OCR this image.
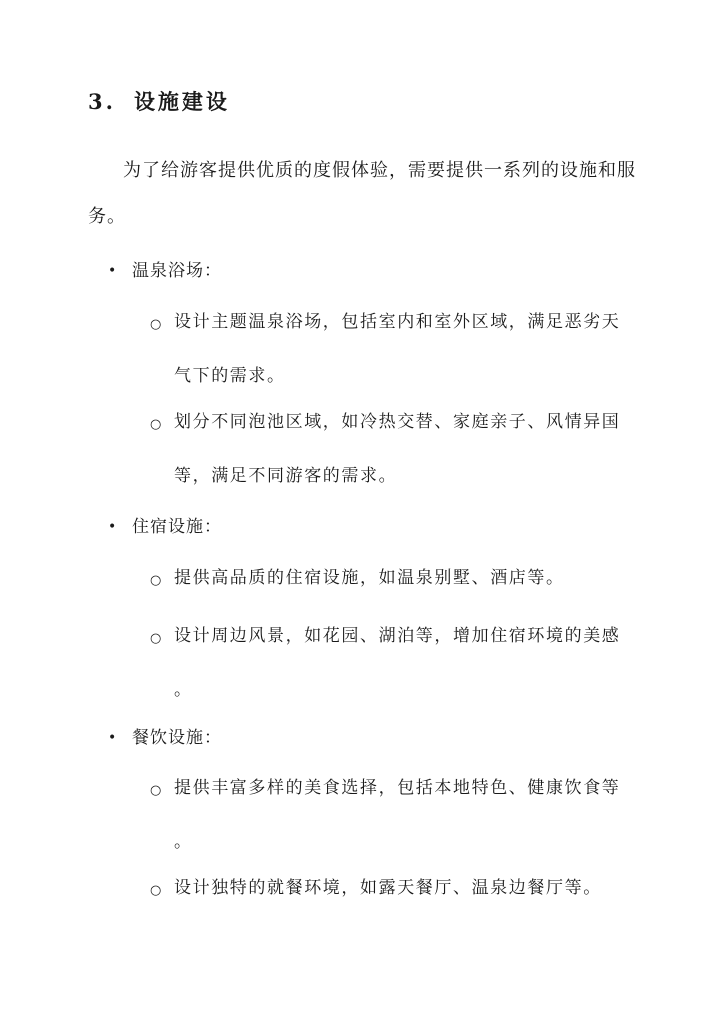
3. 设施建设
为了给游客提供优质的度假体验，需要提供一系列的设施和服务。
• 温泉浴场：
○ 设计主题温泉浴场，包括室内和室外区域，满足恶劣天
气下的需求。
○ 划分不同泡池区域，如冷热交替、家庭亲子、风情异国
等，满足不同游客的需求。
• 住宿设施：
○ 提供高品质的住宿设施，如温泉别墅、酒店等。
○ 设计周边风景，如花园、湖泊等，增加住宿环境的美感
。
• 餐饮设施：
○ 提供丰富多样的美食选择，包括本地特色、健康饮食等
。
○ 设计独特的就餐环境，如露天餐厅、温泉边餐厅等。
